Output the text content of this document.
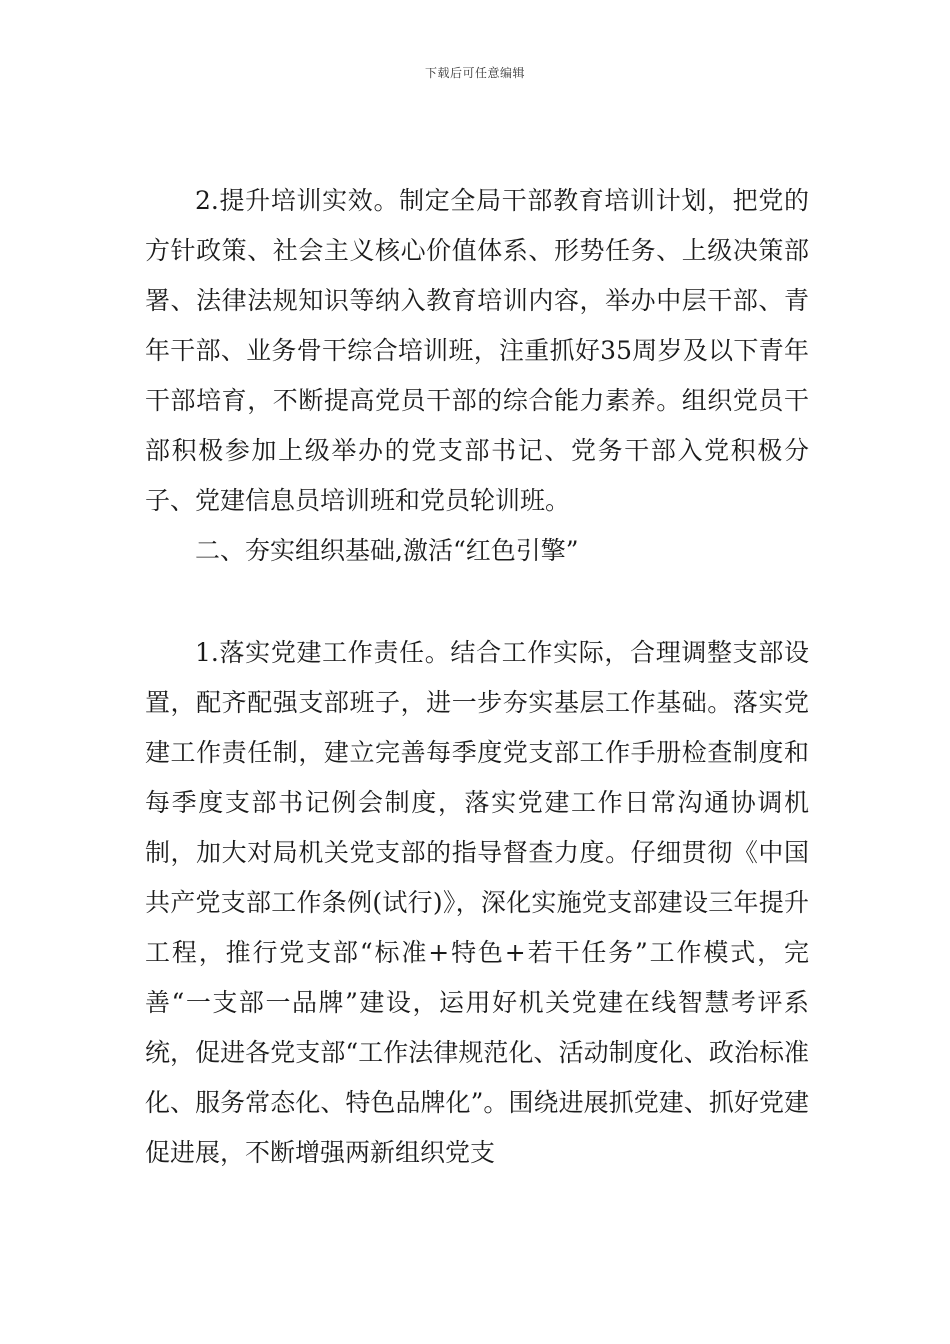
下载后可任意编辑

2.提升培训实效。制定全局干部教育培训计划，把党的方针政策、社会主义核心价值体系、形势任务、上级决策部署、法律法规知识等纳入教育培训内容，举办中层干部、青年干部、业务骨干综合培训班，注重抓好35周岁及以下青年干部培育，不断提高党员干部的综合能力素养。组织党员干部积极参加上级举办的党支部书记、党务干部入党积极分子、党建信息员培训班和党员轮训班。

二、夯实组织基础,激活“红色引擎”

1.落实党建工作责任。结合工作实际，合理调整支部设置，配齐配强支部班子，进一步夯实基层工作基础。落实党建工作责任制，建立完善每季度党支部工作手册检查制度和每季度支部书记例会制度，落实党建工作日常沟通协调机制，加大对局机关党支部的指导督查力度。仔细贯彻《中国共产党支部工作条例(试行)》，深化实施党支部建设三年提升工程，推行党支部“标准+特色+若干任务”工作模式，完善“一支部一品牌”建设，运用好机关党建在线智慧考评系统，促进各党支部“工作法律规范化、活动制度化、政治标准化、服务常态化、特色品牌化”。围绕进展抓党建、抓好党建促进展，不断增强两新组织党支
